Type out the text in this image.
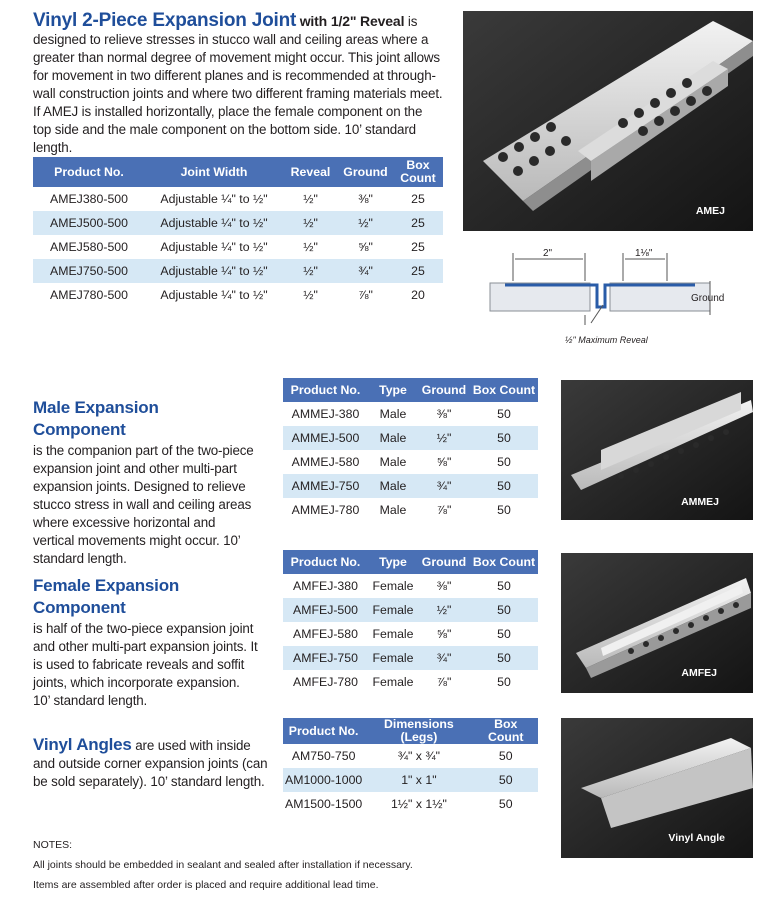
Vinyl 2-Piece Expansion Joint with 1/2" Reveal is designed to relieve stresses in stucco wall and ceiling areas where a greater than normal degree of movement might occur. This joint allows for movement in two different planes and is recommended at through-wall construction joints and where two different framing materials meet. If AMEJ is installed horizontally, place the female component on the top side and the male component on the bottom side. 10’ standard length.
Product No.	Joint Width	Reveal	Ground	Box Count
AMEJ380-500	Adjustable ¼" to ½"	½"	⅜"	25
AMEJ500-500	Adjustable ¼" to ½"	½"	½"	25
AMEJ580-500	Adjustable ¼" to ½"	½"	⅝"	25
AMEJ750-500	Adjustable ¼" to ½"	½"	¾"	25
AMEJ780-500	Adjustable ¼" to ½"	½"	⅞"	20
AMEJ
2"	1⅛"
Ground
½" Maximum Reveal
Male Expansion
Component
is the companion part of the two-piece expansion joint and other multi-part expansion joints. Designed to relieve stucco stress in wall and ceiling areas where excessive horizontal and vertical movements might occur. 10’ standard length.
Product No.	Type	Ground	Box Count
AMMEJ-380	Male	⅜"	50
AMMEJ-500	Male	½"	50
AMMEJ-580	Male	⅝"	50
AMMEJ-750	Male	¾"	50
AMMEJ-780	Male	⅞"	50
AMMEJ
Female Expansion
Component
is half of the two-piece expansion joint and other multi-part expansion joints. It is used to fabricate reveals and soffit joints, which incorporate expansion. 10’ standard length.
Product No.	Type	Ground	Box Count
AMFEJ-380	Female	⅜"	50
AMFEJ-500	Female	½"	50
AMFEJ-580	Female	⅝"	50
AMFEJ-750	Female	¾"	50
AMFEJ-780	Female	⅞"	50
AMFEJ
Vinyl Angles are used with inside and outside corner expansion joints (can be sold separately). 10’ standard length.
Product No.	Dimensions (Legs)	Box Count
AM750-750	¾" x ¾"	50
AM1000-1000	1" x 1"	50
AM1500-1500	1½" x 1½"	50
Vinyl Angle
NOTES:
All joints should be embedded in sealant and sealed after installation if necessary.
Items are assembled after order is placed and require additional lead time.
